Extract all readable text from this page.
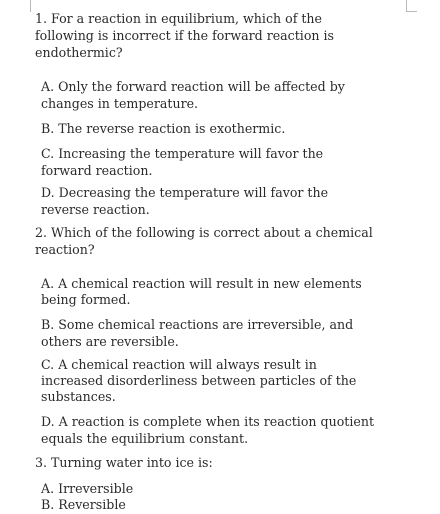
1. For a reaction in equilibrium, which of the
following is incorrect if the forward reaction is
endothermic?
A. Only the forward reaction will be affected by
changes in temperature.
B. The reverse reaction is exothermic.
C. Increasing the temperature will favor the
forward reaction.
D. Decreasing the temperature will favor the
reverse reaction.
2. Which of the following is correct about a chemical
reaction?
A. A chemical reaction will result in new elements
being formed.
B. Some chemical reactions are irreversible, and
others are reversible.
C. A chemical reaction will always result in
increased disorderliness between particles of the
substances.
D. A reaction is complete when its reaction quotient
equals the equilibrium constant.
3. Turning water into ice is:
A. Irreversible
B. Reversible
